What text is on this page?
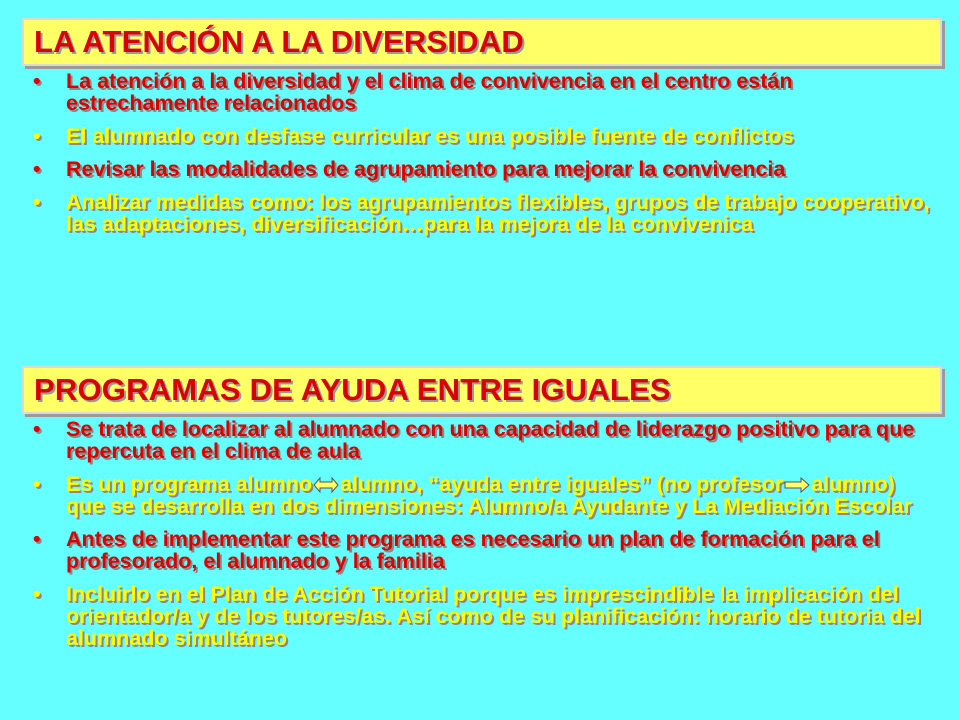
LA ATENCIÓN A LA DIVERSIDAD
• La atención a la diversidad y el clima de convivencia en el centro están estrechamente relacionados
• El alumnado con desfase curricular es una posible fuente de conflictos
• Revisar las modalidades de agrupamiento para mejorar la convivencia
• Analizar medidas como: los agrupamientos flexibles, grupos de trabajo cooperativo, las adaptaciones, diversificación…para la mejora de la convivenica
PROGRAMAS DE AYUDA ENTRE IGUALES
• Se trata de localizar al alumnado con una capacidad de liderazgo positivo para que repercuta en el clima de aula
• Es un programa alumno alumno, “ayuda entre iguales” (no profesor alumno) que se desarrolla en dos dimensiones: Alumno/a Ayudante y La Mediación Escolar
• Antes de implementar este programa es necesario un plan de formación para el profesorado, el alumnado y la familia
• Incluirlo en el Plan de Acción Tutorial porque es imprescindible la implicación del orientador/a y de los tutores/as. Así como de su planificación: horario de tutoria del alumnado simultáneo
